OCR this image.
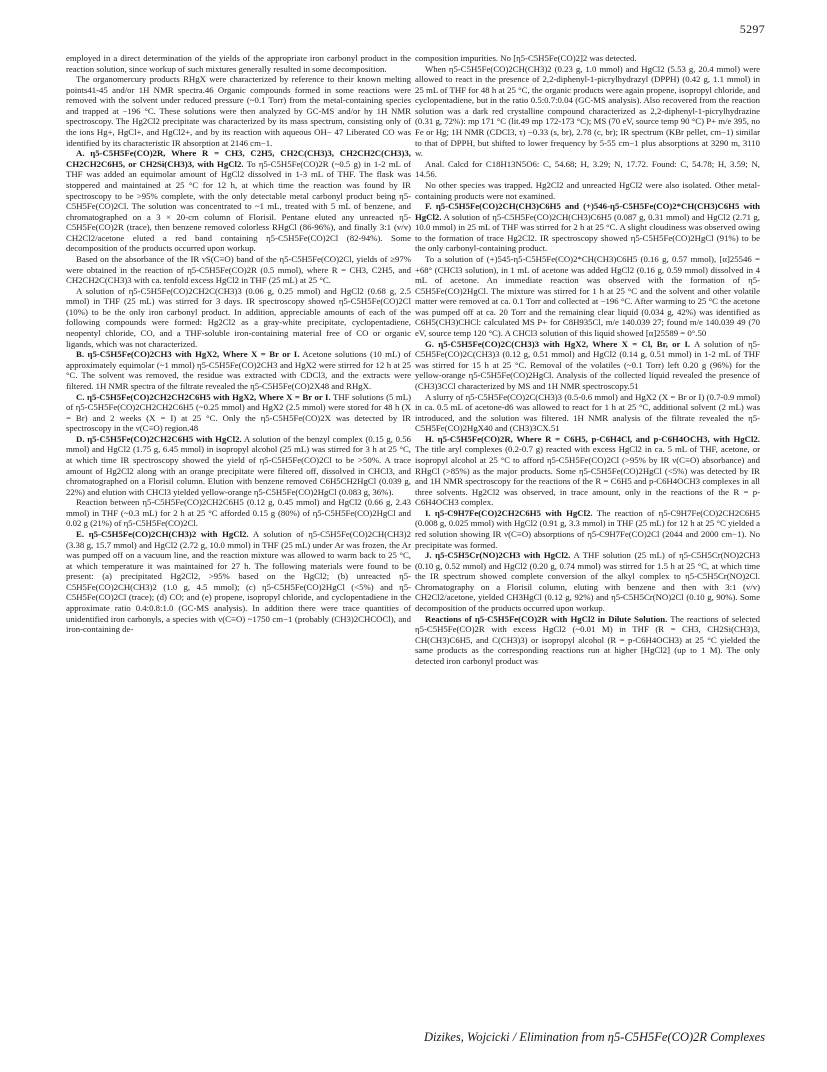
5297

employed in a direct determination of the yields of the appropriate iron carbonyl product in the reaction solution, since workup of such mixtures generally resulted in some decomposition.

The organomercury products RHgX were characterized by reference to their known melting points41-45 and/or 1H NMR spectra.46 Organic compounds formed in some reactions were removed with the solvent under reduced pressure (~0.1 Torr) from the metal-containing species and trapped at −196 °C. These solutions were then analyzed by GC-MS and/or by 1H NMR spectroscopy. The Hg2Cl2 precipitate was characterized by its mass spectrum, consisting only of the ions Hg+, HgCl+, and HgCl2+, and by its reaction with aqueous OH− 47 Liberated CO was identified by its characteristic IR absorption at 2146 cm−1.

A. η5-C5H5Fe(CO)2R, Where R = CH3, C2H5, CH2C(CH3)3, CH2CH2C(CH3)3, CH2CH2C6H5, or CH2Si(CH3)3, with HgCl2. To η5-C5H5Fe(CO)2R (~0.5 g) in 1-2 mL of THF was added an equimolar amount of HgCl2 dissolved in 1-3 mL of THF. The flask was stoppered and maintained at 25 °C for 12 h, at which time the reaction was found by IR spectroscopy to be >95% complete, with the only detectable metal carbonyl product being η5-C5H5Fe(CO)2Cl. The solution was concentrated to ~1 mL, treated with 5 mL of benzene, and chromatographed on a 3 × 20-cm column of Florisil. Pentane eluted any unreacted η5-C5H5Fe(CO)2R (trace), then benzene removed colorless RHgCl (86-96%), and finally 3:1 (v/v) CH2Cl2/acetone eluted a red band containing η5-C5H5Fe(CO)2Cl (82-94%). Some decomposition of the products occurred upon workup.

Based on the absorbance of the IR νS(C≡O) band of the η5-C5H5Fe(CO)2Cl, yields of ≥97% were obtained in the reaction of η5-C5H5Fe(CO)2R (0.5 mmol), where R = CH3, C2H5, and CH2CH2C(CH3)3 with ca. tenfold excess HgCl2 in THF (25 mL) at 25 °C.

A solution of η5-C5H5Fe(CO)2CH2C(CH3)3 (0.06 g, 0.25 mmol) and HgCl2 (0.68 g, 2.5 mmol) in THF (25 mL) was stirred for 3 days. IR spectroscopy showed η5-C5H5Fe(CO)2Cl (10%) to be the only iron carbonyl product. In addition, appreciable amounts of each of the following compounds were formed: Hg2Cl2 as a gray-white precipitate, cyclopentadiene, neopentyl chloride, CO, and a THF-soluble iron-containing material free of CO or organic ligands, which was not characterized.

B. η5-C5H5Fe(CO)2CH3 with HgX2, Where X = Br or I. Acetone solutions (10 mL) of approximately equimolar (~1 mmol) η5-C5H5Fe(CO)2CH3 and HgX2 were stirred for 12 h at 25 °C. The solvent was removed, the residue was extracted with CDCl3, and the extracts were filtered. 1H NMR spectra of the filtrate revealed the η5-C5H5Fe(CO)2X48 and RHgX.

C. η5-C5H5Fe(CO)2CH2CH2C6H5 with HgX2, Where X = Br or I. THF solutions (5 mL) of η5-C5H5Fe(CO)2CH2CH2C6H5 (~0.25 mmol) and HgX2 (2.5 mmol) were stored for 48 h (X = Br) and 2 weeks (X = I) at 25 °C. Only the η5-C5H5Fe(CO)2X was detected by IR spectroscopy in the ν(C≡O) region.48

D. η5-C5H5Fe(CO)2CH2C6H5 with HgCl2. A solution of the benzyl complex (0.15 g, 0.56 mmol) and HgCl2 (1.75 g, 6.45 mmol) in isopropyl alcohol (25 mL) was stirred for 3 h at 25 °C, at which time IR spectroscopy showed the yield of η5-C5H5Fe(CO)2Cl to be >50%. A trace amount of Hg2Cl2 along with an orange precipitate were filtered off, dissolved in CHCl3, and chromatographed on a Florisil column. Elution with benzene removed C6H5CH2HgCl (0.039 g, 22%) and elution with CHCl3 yielded yellow-orange η5-C5H5Fe(CO)2HgCl (0.083 g, 36%).

Reaction between η5-C5H5Fe(CO)2CH2C6H5 (0.12 g, 0.45 mmol) and HgCl2 (0.66 g, 2.43 mmol) in THF (~0.3 mL) for 2 h at 25 °C afforded 0.15 g (80%) of η5-C5H5Fe(CO)2HgCl and 0.02 g (21%) of η5-C5H5Fe(CO)2Cl.

E. η5-C5H5Fe(CO)2CH(CH3)2 with HgCl2. A solution of η5-C5H5Fe(CO)2CH(CH3)2 (3.38 g, 15.7 mmol) and HgCl2 (2.72 g, 10.0 mmol) in THF (25 mL) under Ar was frozen, the Ar was pumped off on a vacuum line, and the reaction mixture was allowed to warm back to 25 °C, at which temperature it was maintained for 27 h. The following materials were found to be present: (a) precipitated Hg2Cl2, >95% based on the HgCl2; (b) unreacted η5-C5H5Fe(CO)2CH(CH3)2 (1.0 g, 4.5 mmol); (c) η5-C5H5Fe(CO)2HgCl (<5%) and η5-C5H5Fe(CO)2Cl (trace); (d) CO; and (e) propene, isopropyl chloride, and cyclopentadiene in the approximate ratio 0.4:0.8:1.0 (GC-MS analysis). In addition there were trace quantities of unidentified iron carbonyls, a species with ν(C≡O) ~1750 cm−1 (probably (CH3)2CHCOCl), and iron-containing de-

composition impurities. No [η5-C5H5Fe(CO)2]2 was detected.

When η5-C5H5Fe(CO)2CH(CH3)2 (0.23 g, 1.0 mmol) and HgCl2 (5.53 g, 20.4 mmol) were allowed to react in the presence of 2,2-diphenyl-1-picrylhydrazyl (DPPH) (0.42 g, 1.1 mmol) in 25 mL of THF for 48 h at 25 °C, the organic products were again propene, isopropyl chloride, and cyclopentadiene, but in the ratio 0.5:0.7:0.04 (GC-MS analysis). Also recovered from the reaction solution was a dark red crystalline compound characterized as 2,2-diphenyl-1-picrylhydrazine (0.31 g, 72%): mp 171 °C (lit.49 mp 172-173 °C); MS (70 eV, source temp 90 °C) P+ m/e 395, no Fe or Hg; 1H NMR (CDCl3, τ) −0.33 (s, br), 2.78 (c, br); IR spectrum (KBr pellet, cm−1) similar to that of DPPH, but shifted to lower frequency by 5-55 cm−1 plus absorptions at 3290 m, 3110 w.

Anal. Calcd for C18H13N5O6: C, 54.68; H, 3.29; N, 17.72. Found: C, 54.78; H, 3.59; N, 14.56.

No other species was trapped. Hg2Cl2 and unreacted HgCl2 were also isolated. Other metal-containing products were not examined.

F. η5-C5H5Fe(CO)2CH(CH3)C6H5 and (+)546-η5-C5H5Fe(CO)2*CH(CH3)C6H5 with HgCl2. A solution of η5-C5H5Fe(CO)2CH(CH3)C6H5 (0.087 g, 0.31 mmol) and HgCl2 (2.71 g, 10.0 mmol) in 25 mL of THF was stirred for 2 h at 25 °C. A slight cloudiness was observed owing to the formation of trace Hg2Cl2. IR spectroscopy showed η5-C5H5Fe(CO)2HgCl (91%) to be the only carbonyl-containing product.

To a solution of (+)545-η5-C5H5Fe(CO)2*CH(CH3)C6H5 (0.16 g, 0.57 mmol), [α]25546 = +68° (CHCl3 solution), in 1 mL of acetone was added HgCl2 (0.16 g, 0.59 mmol) dissolved in 4 mL of acetone. An immediate reaction was observed with the formation of η5-C5H5Fe(CO)2HgCl. The mixture was stirred for 1 h at 25 °C and the solvent and other volatile matter were removed at ca. 0.1 Torr and collected at −196 °C. After warming to 25 °C the acetone was pumped off at ca. 20 Torr and the remaining clear liquid (0.034 g, 42%) was identified as C6H5(CH3)CHCl: calculated MS P+ for C8H935Cl, m/e 140.039 27; found m/e 140.039 49 (70 eV, source temp 120 °C). A CHCl3 solution of this liquid showed [α]25589 = 0°.50

G. η5-C5H5Fe(CO)2C(CH3)3 with HgX2, Where X = Cl, Br, or I. A solution of η5-C5H5Fe(CO)2C(CH3)3 (0.12 g, 0.51 mmol) and HgCl2 (0.14 g, 0.51 mmol) in 1-2 mL of THF was stirred for 15 h at 25 °C. Removal of the volatiles (~0.1 Torr) left 0.20 g (96%) for the yellow-orange η5-C5H5Fe(CO)2HgCl. Analysis of the collected liquid revealed the presence of (CH3)3CCl characterized by MS and 1H NMR spectroscopy.51

A slurry of η5-C5H5Fe(CO)2C(CH3)3 (0.5-0.6 mmol) and HgX2 (X = Br or I) (0.7-0.9 mmol) in ca. 0.5 mL of acetone-d6 was allowed to react for 1 h at 25 °C, additional solvent (2 mL) was introduced, and the solution was filtered. 1H NMR analysis of the filtrate revealed the η5-C5H5Fe(CO)2HgX40 and (CH3)3CX.51

H. η5-C5H5Fe(CO)2R, Where R = C6H5, p-C6H4Cl, and p-C6H4OCH3, with HgCl2. The title aryl complexes (0.2-0.7 g) reacted with excess HgCl2 in ca. 5 mL of THF, acetone, or isopropyl alcohol at 25 °C to afford η5-C5H5Fe(CO)2Cl (>95% by IR ν(C≡O) absorbance) and RHgCl (>85%) as the major products. Some η5-C5H5Fe(CO)2HgCl (<5%) was detected by IR and 1H NMR spectroscopy for the reactions of the R = C6H5 and p-C6H4OCH3 complexes in all three solvents. Hg2Cl2 was observed, in trace amount, only in the reactions of the R = p-C6H4OCH3 complex.

I. η5-C9H7Fe(CO)2CH2C6H5 with HgCl2. The reaction of η5-C9H7Fe(CO)2CH2C6H5 (0.008 g, 0.025 mmol) with HgCl2 (0.91 g, 3.3 mmol) in THF (25 mL) for 12 h at 25 °C yielded a red solution showing IR ν(C≡O) absorptions of η5-C9H7Fe(CO)2Cl (2044 and 2000 cm−1). No precipitate was formed.

J. η5-C5H5Cr(NO)2CH3 with HgCl2. A THF solution (25 mL) of η5-C5H5Cr(NO)2CH3 (0.10 g, 0.52 mmol) and HgCl2 (0.20 g, 0.74 mmol) was stirred for 1.5 h at 25 °C, at which time the IR spectrum showed complete conversion of the alkyl complex to η5-C5H5Cr(NO)2Cl. Chromatography on a Florisil column, eluting with benzene and then with 3:1 (v/v) CH2Cl2/acetone, yielded CH3HgCl (0.12 g, 92%) and η5-C5H5Cr(NO)2Cl (0.10 g, 90%). Some decomposition of the products occurred upon workup.

Reactions of η5-C5H5Fe(CO)2R with HgCl2 in Dilute Solution. The reactions of selected η5-C5H5Fe(CO)2R with excess HgCl2 (~0.01 M) in THF (R = CH3, CH2Si(CH3)3, CH(CH3)C6H5, and C(CH3)3) or isopropyl alcohol (R = p-C6H4OCH3) at 25 °C yielded the same products as the corresponding reactions run at higher [HgCl2] (up to 1 M). The only detected iron carbonyl product was

Dizikes, Wojcicki / Elimination from η5-C5H5Fe(CO)2R Complexes
